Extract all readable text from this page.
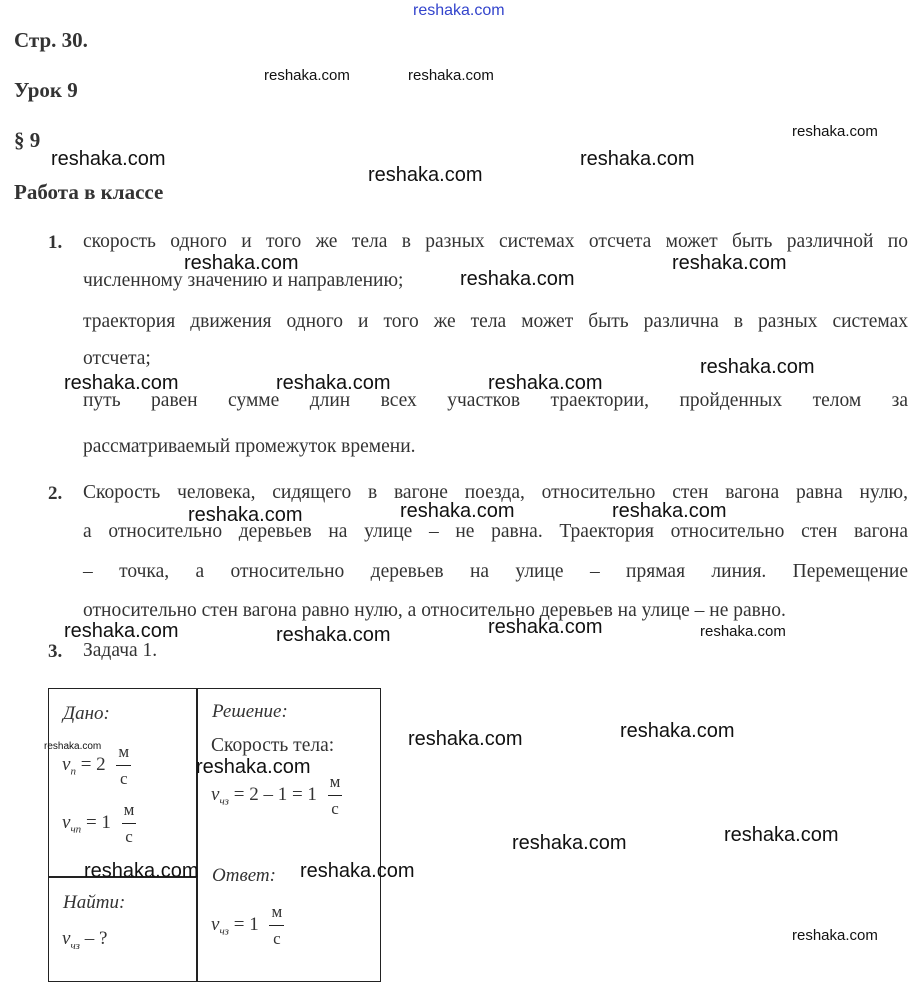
reshaka.com
Стр. 30.
Урок 9
§ 9
Работа в классе
1. скорость одного и того же тела в разных системах отсчета может быть различной по
численному значению и направлению;
траектория движения одного и того же тела может быть различна в разных системах
отсчета;
путь равен сумме длин всех участков траектории, пройденных телом за
рассматриваемый промежуток времени.
2. Скорость человека, сидящего в вагоне поезда, относительно стен вагона равна нулю,
а относительно деревьев на улице – не равна. Траектория относительно стен вагона
– точка, а относительно деревьев на улице – прямая линия. Перемещение
относительно стен вагона равно нулю, а относительно деревьев на улице – не равно.
3. Задача 1.
Дано:
$v_п = 2 \frac{м}{с}$
$v_{чп} = 1 \frac{м}{с}$
Найти:
$v_{чз}$ – ?
Решение:
Скорость тела:
$v_{чз} = 2 - 1 = 1 \frac{м}{с}$
Ответ:
$v_{чз} = 1 \frac{м}{с}$
reshaka.com	reshaka.com
reshaka.com
reshaka.com	reshaka.com
reshaka.com
reshaka.com	reshaka.com
reshaka.com
reshaka.com
reshaka.com	reshaka.com	reshaka.com
reshaka.com	reshaka.com	reshaka.com
reshaka.com	reshaka.com	reshaka.com	reshaka.com
reshaka.com
reshaka.com
reshaka.com
reshaka.com
reshaka.com
reshaka.com
reshaka.com	reshaka.com
reshaka.com
